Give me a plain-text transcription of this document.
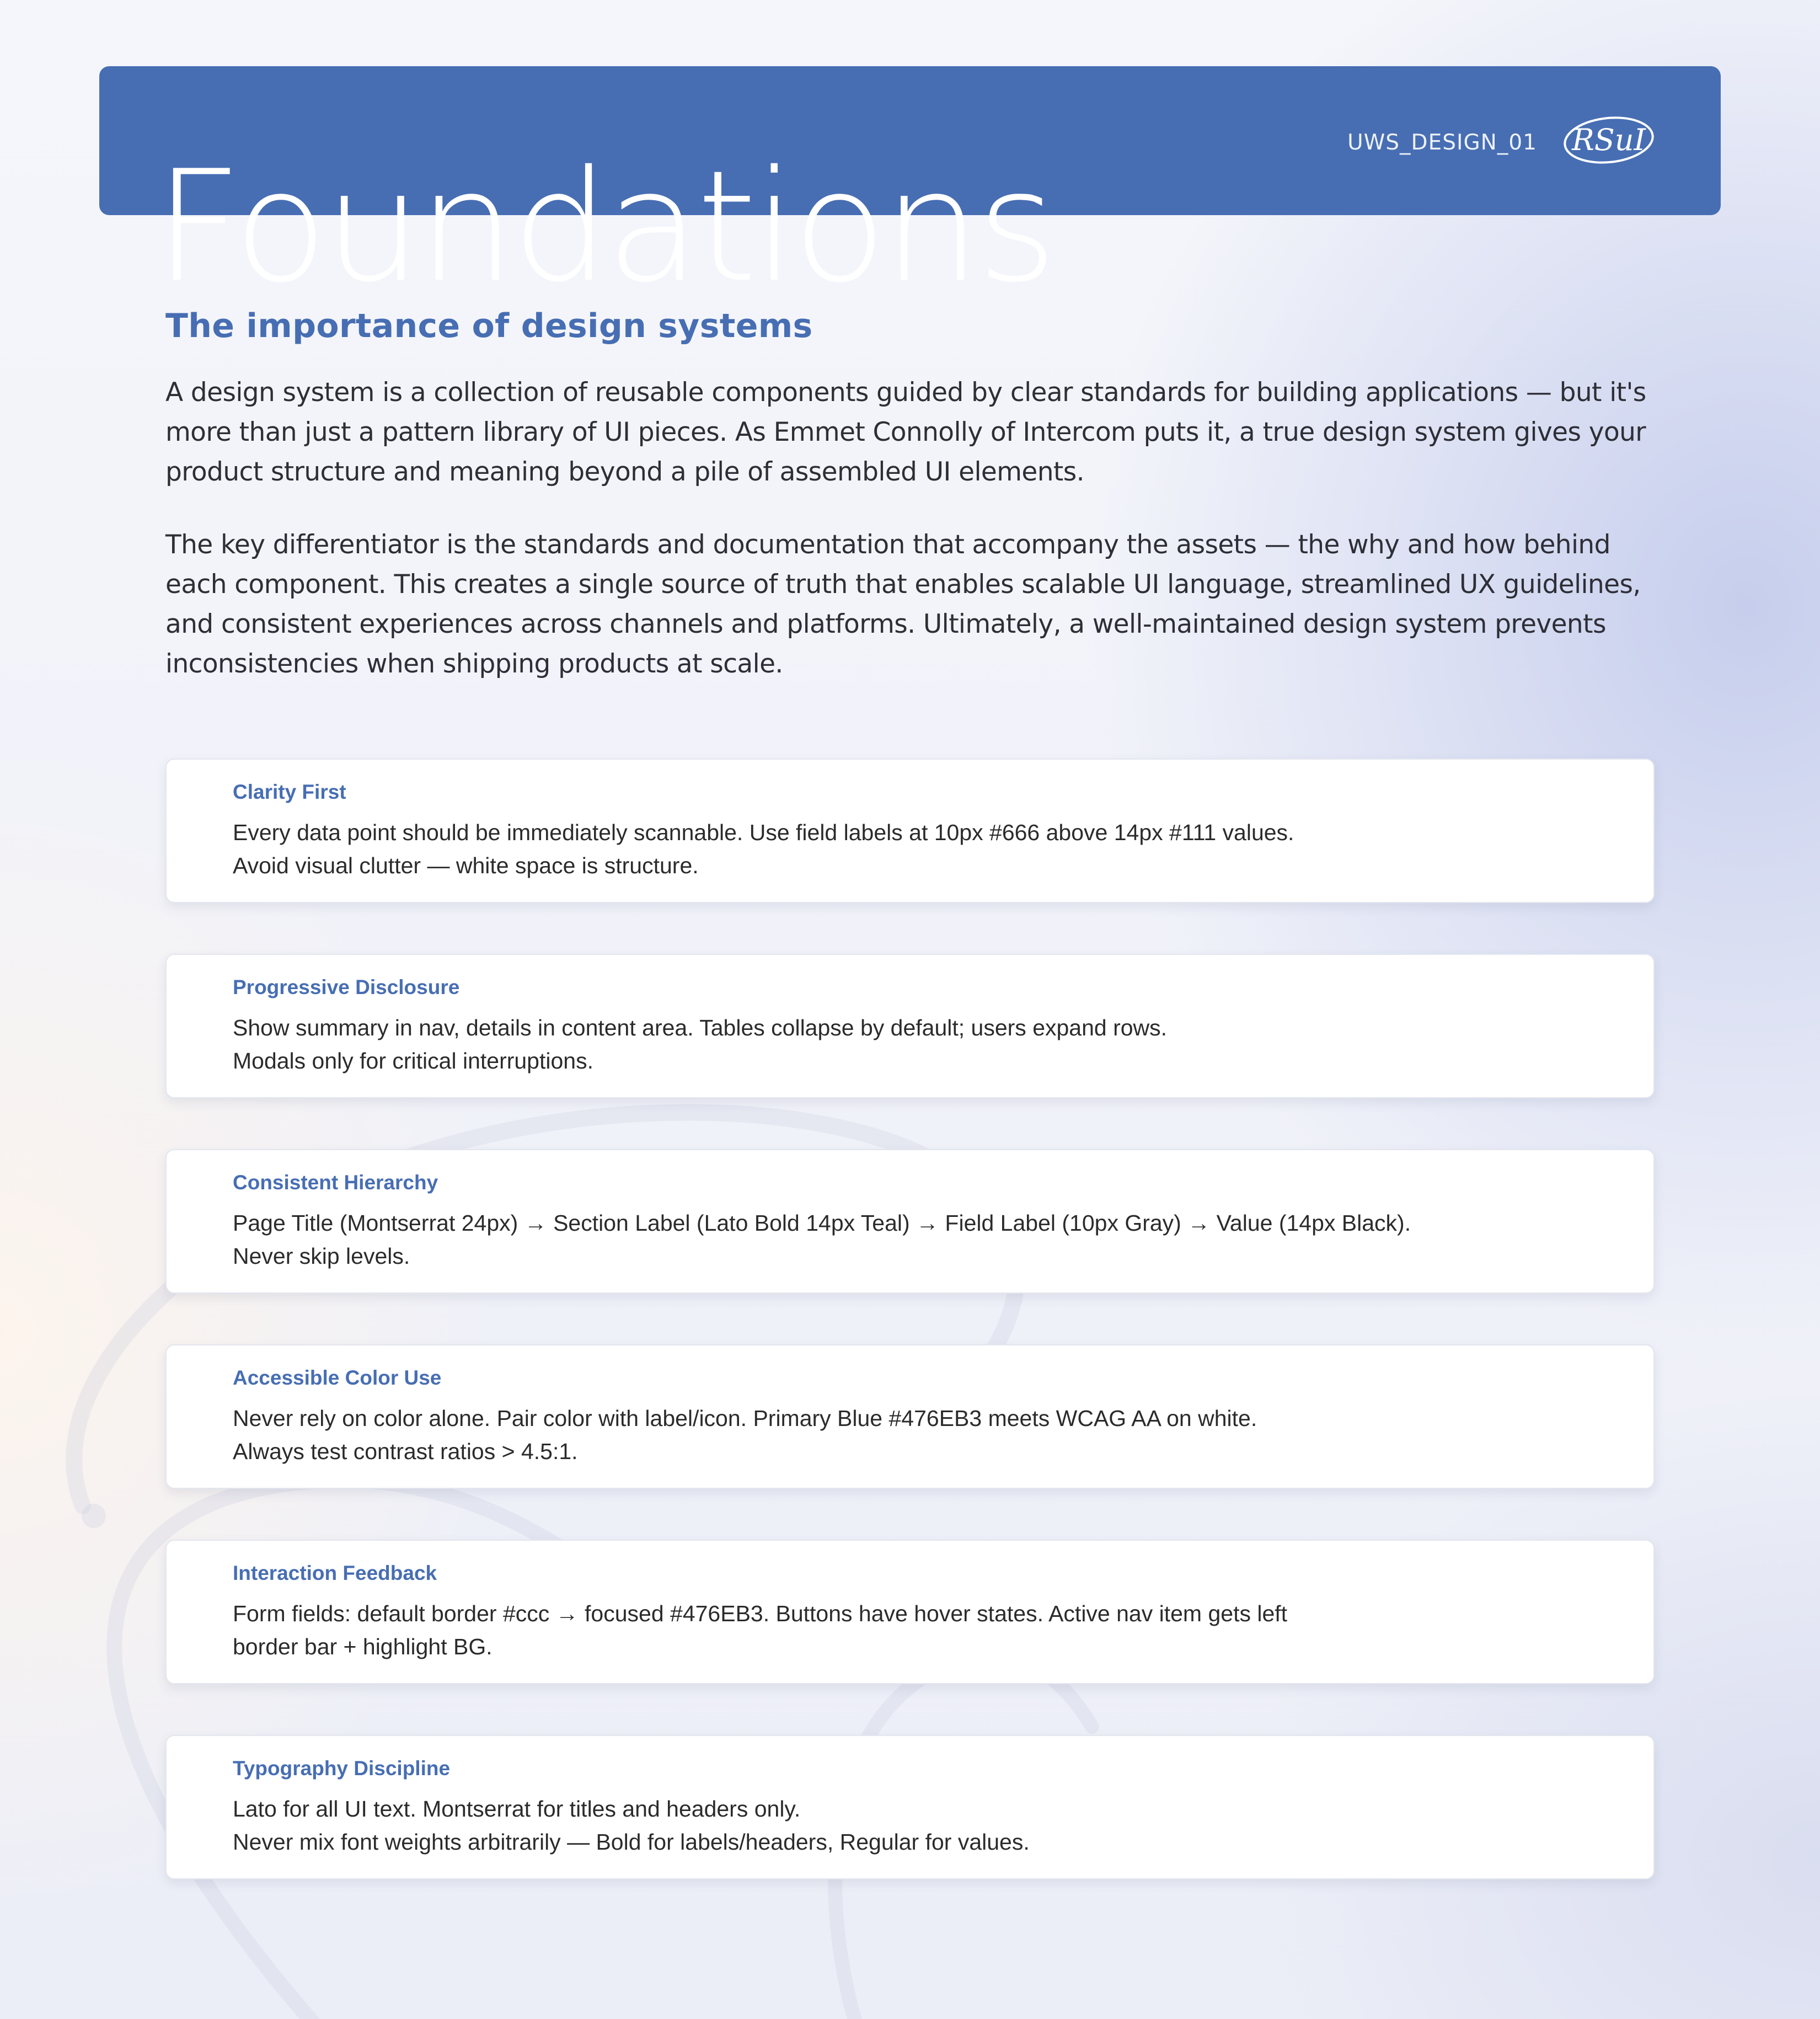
Foundations	UWS_DESIGN_01 RSuI
The importance of design systems

A design system is a collection of reusable components guided by clear standards for building applications — but it's more than just a pattern library of UI pieces. As Emmet Connolly of Intercom puts it, a true design system gives your product structure and meaning beyond a pile of assembled UI elements.

The key differentiator is the standards and documentation that accompany the assets — the why and how behind each component. This creates a single source of truth that enables scalable UI language, streamlined UX guidelines, and consistent experiences across channels and platforms. Ultimately, a well-maintained design system prevents inconsistencies when shipping products at scale.

Clarity First
Every data point should be immediately scannable. Use field labels at 10px #666 above 14px #111 values.
Avoid visual clutter — white space is structure.
Progressive Disclosure
Show summary in nav, details in content area. Tables collapse by default; users expand rows.
Modals only for critical interruptions.
Consistent Hierarchy
Page Title (Montserrat 24px) → Section Label (Lato Bold 14px Teal) → Field Label (10px Gray) → Value (14px Black).
Never skip levels.
Accessible Color Use
Never rely on color alone. Pair color with label/icon. Primary Blue #476EB3 meets WCAG AA on white.
Always test contrast ratios > 4.5:1.
Interaction Feedback
Form fields: default border #ccc → focused #476EB3. Buttons have hover states. Active nav item gets left
border bar + highlight BG.
Typography Discipline
Lato for all UI text. Montserrat for titles and headers only.
Never mix font weights arbitrarily — Bold for labels/headers, Regular for values.
